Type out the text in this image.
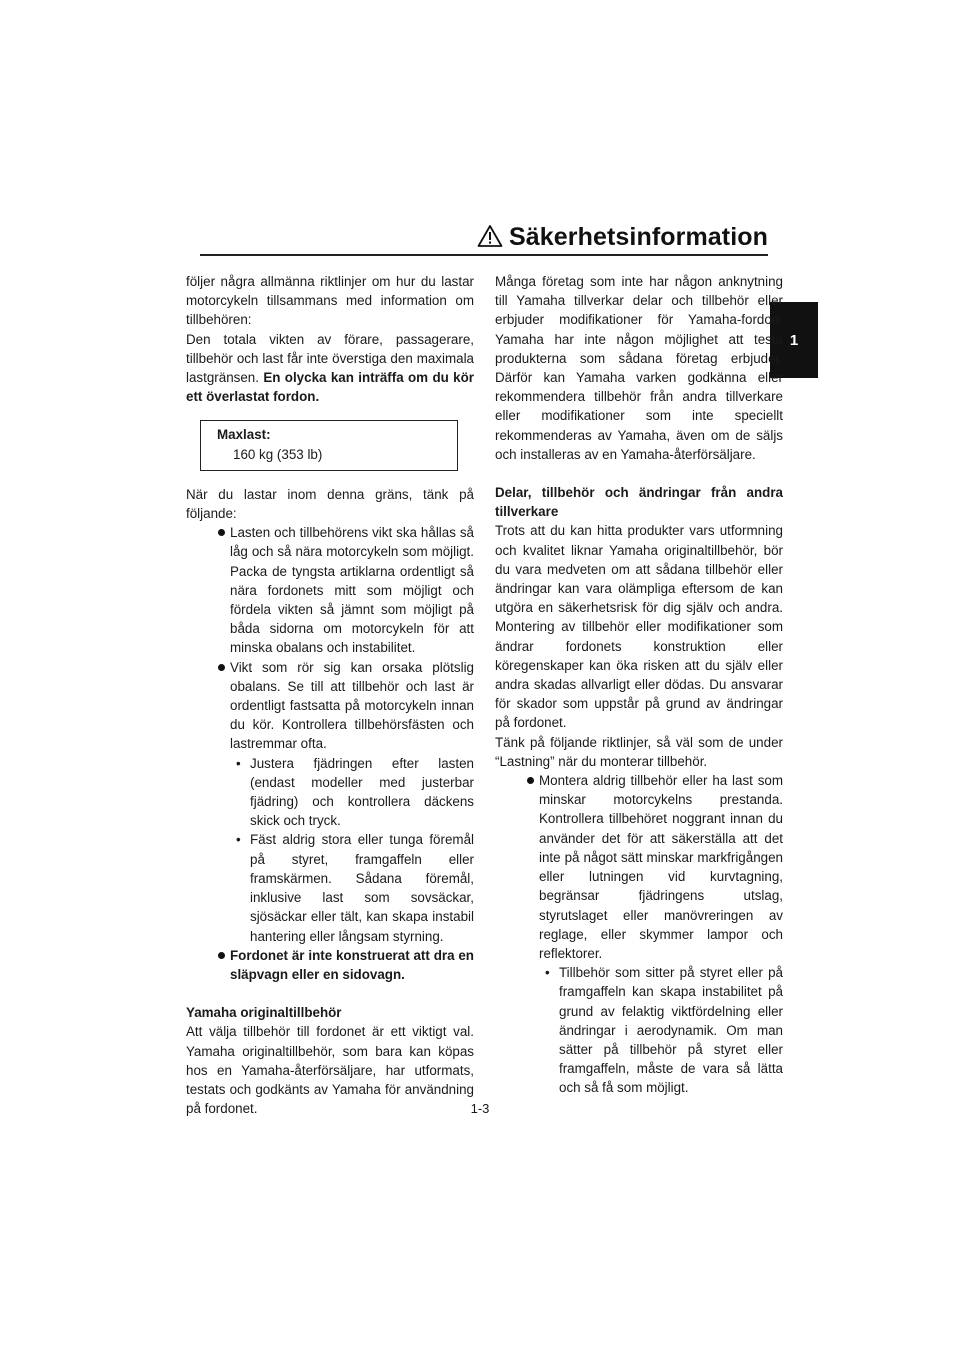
Säkerhetsinformation
1

följer några allmänna riktlinjer om hur du lastar motorcykeln tillsammans med information om tillbehören:

Den totala vikten av förare, passagerare, tillbehör och last får inte överstiga den maximala lastgränsen. En olycka kan inträffa om du kör ett överlastat fordon.

Maxlast:
160 kg (353 lb)

När du lastar inom denna gräns, tänk på följande:

Lasten och tillbehörens vikt ska hållas så låg och så nära motorcykeln som möjligt. Packa de tyngsta artiklarna ordentligt så nära fordonets mitt som möjligt och fördela vikten så jämnt som möjligt på båda sidorna om motorcykeln för att minska obalans och instabilitet.
Vikt som rör sig kan orsaka plötslig obalans. Se till att tillbehör och last är ordentligt fastsatta på motorcykeln innan du kör. Kontrollera tillbehörsfästen och lastremmar ofta.
• Justera fjädringen efter lasten (endast modeller med justerbar fjädring) och kontrollera däckens skick och tryck.
• Fäst aldrig stora eller tunga föremål på styret, framgaffeln eller framskärmen. Sådana föremål, inklusive last som sovsäckar, sjösäckar eller tält, kan skapa instabil hantering eller långsam styrning.
Fordonet är inte konstruerat att dra en släpvagn eller en sidovagn.

Yamaha originaltillbehör

Att välja tillbehör till fordonet är ett viktigt val. Yamaha originaltillbehör, som bara kan köpas hos en Yamaha-återförsäljare, har utformats, testats och godkänts av Yamaha för användning på fordonet.

Många företag som inte har någon anknytning till Yamaha tillverkar delar och tillbehör eller erbjuder modifikationer för Yamaha-fordon. Yamaha har inte någon möjlighet att testa produkterna som sådana företag erbjuder. Därför kan Yamaha varken godkänna eller rekommendera tillbehör från andra tillverkare eller modifikationer som inte speciellt rekommenderas av Yamaha, även om de säljs och installeras av en Yamaha-återförsäljare.

Delar, tillbehör och ändringar från andra tillverkare

Trots att du kan hitta produkter vars utformning och kvalitet liknar Yamaha originaltillbehör, bör du vara medveten om att sådana tillbehör eller ändringar kan vara olämpliga eftersom de kan utgöra en säkerhetsrisk för dig själv och andra. Montering av tillbehör eller modifikationer som ändrar fordonets konstruktion eller köregenskaper kan öka risken att du själv eller andra skadas allvarligt eller dödas. Du ansvarar för skador som uppstår på grund av ändringar på fordonet.

Tänk på följande riktlinjer, så väl som de under “Lastning” när du monterar tillbehör.

Montera aldrig tillbehör eller ha last som minskar motorcykelns prestanda. Kontrollera tillbehöret noggrant innan du använder det för att säkerställa att det inte på något sätt minskar markfrigången eller lutningen vid kurvtagning, begränsar fjädringens utslag, styrutslaget eller manövreringen av reglage, eller skymmer lampor och reflektorer.
• Tillbehör som sitter på styret eller på framgaffeln kan skapa instabilitet på grund av felaktig viktfördelning eller ändringar i aerodynamik. Om man sätter på tillbehör på styret eller framgaffeln, måste de vara så lätta och så få som möjligt.
1-3
